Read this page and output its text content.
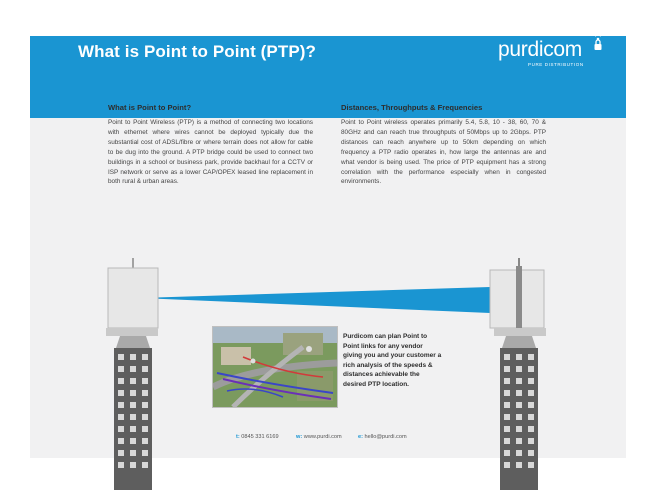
What is Point to Point (PTP)?	purdicom
PURE DISTRIBUTION
What is Point to Point?
Point to Point Wireless (PTP) is a method of connecting two locations with ethernet where wires cannot be deployed typically due the substantial cost of ADSL/fibre or where terrain does not allow for cable to be dug into the ground. A PTP bridge could be used to connect two buildings in a school or business park, provide backhaul for a CCTV or ISP network or serve as a lower CAP/OPEX leased line replacement in both rural & urban areas.
Distances, Throughputs & Frequencies
Point to Point wireless operates primarily 5.4, 5.8, 10 - 38, 60, 70 & 80GHz and can reach true throughputs of 50Mbps up to 2Gbps. PTP distances can reach anywhere up to 50km depending on which frequency a PTP radio operates in, how large the antennas are and what vendor is being used. The price of PTP equipment has a strong correlation with the performance especially when in congested environments.
Purdicom can plan Point to Point links for any vendor giving you and your customer a rich analysis of the speeds & distances achievable the desired PTP location.
t: 0845 331 6169	w: www.purdi.com	e: hello@purdi.com
